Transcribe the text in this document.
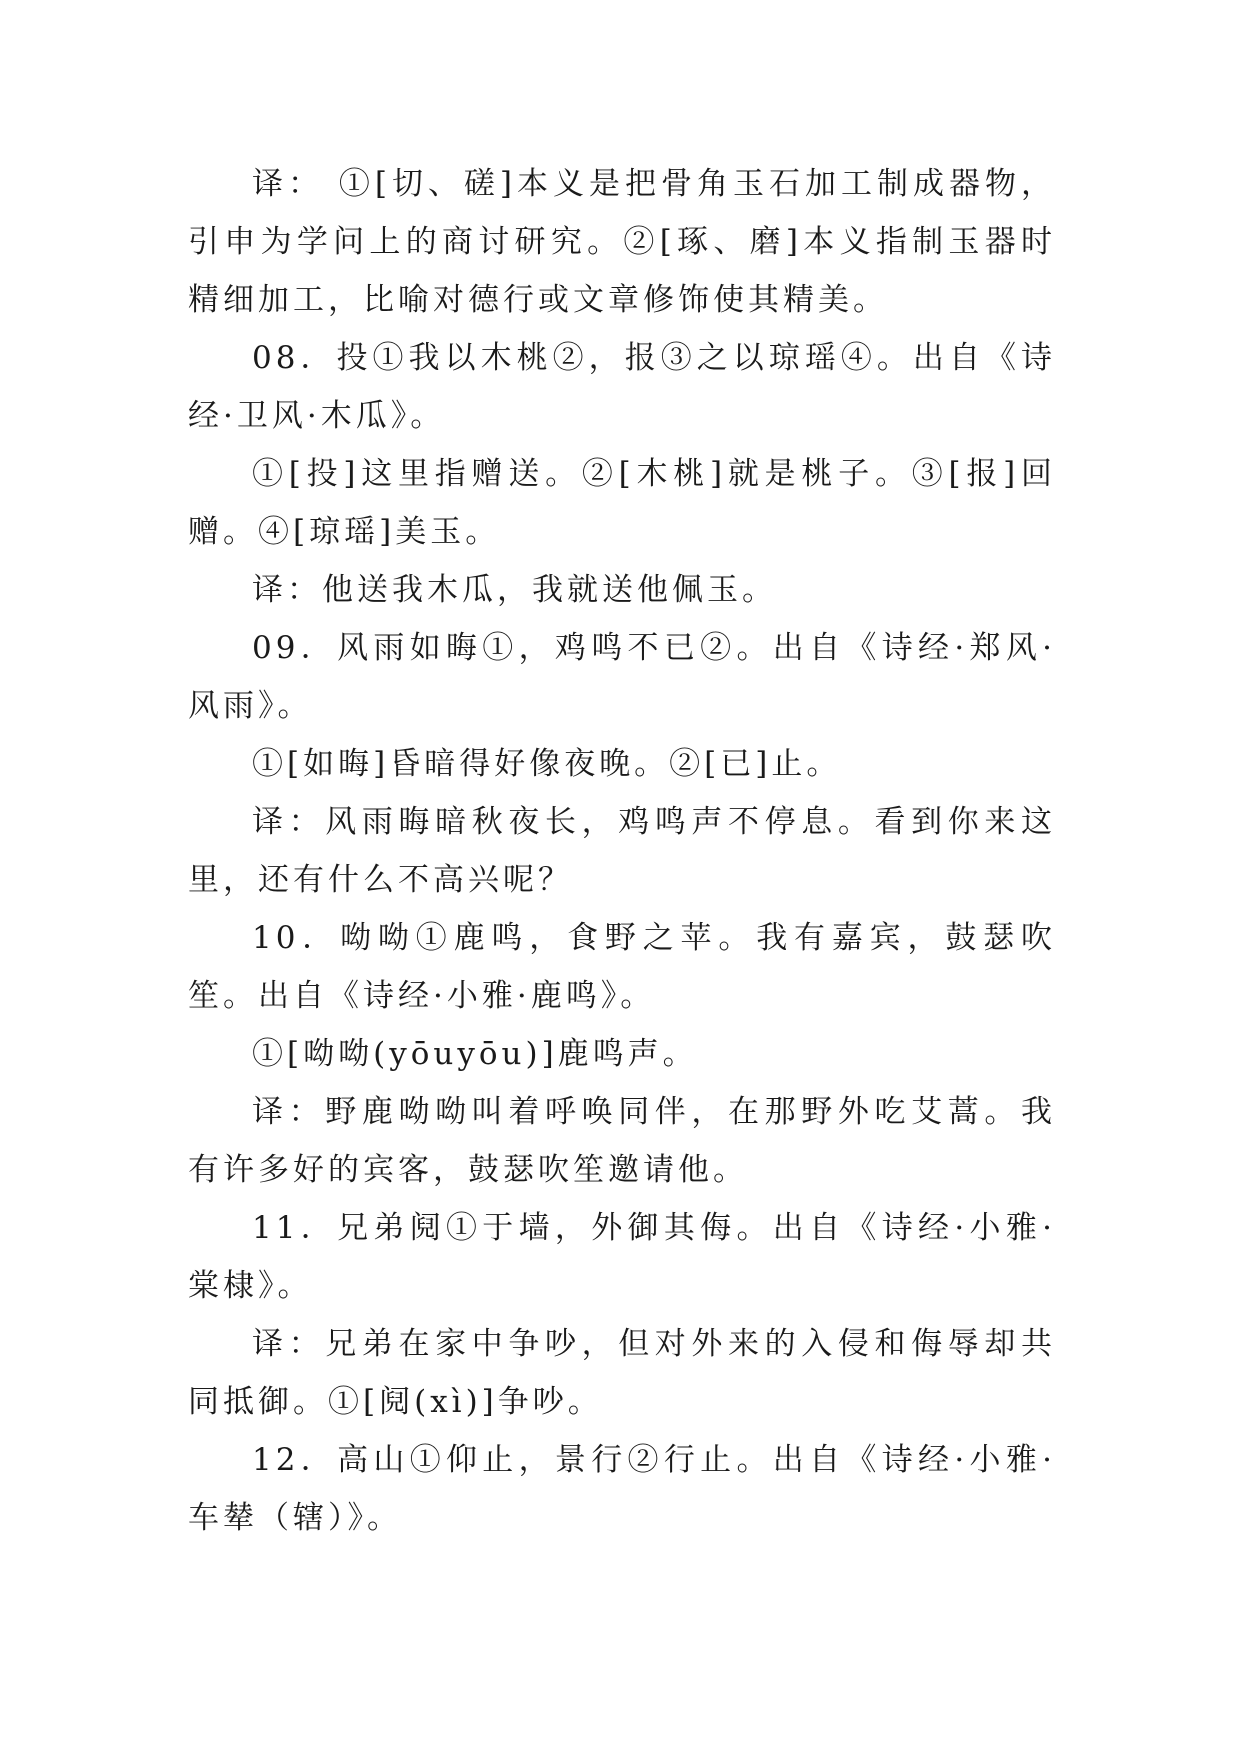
译： ①[切、磋]本义是把骨角玉石加工制成器物，引申为学问上的商讨研究。②[琢、磨]本义指制玉器时精细加工，比喻对德行或文章修饰使其精美。

08．投①我以木桃②，报③之以琼瑶④。出自《诗经·卫风·木瓜》。

①[投]这里指赠送。②[木桃]就是桃子。③[报]回赠。④[琼瑶]美玉。

译：他送我木瓜，我就送他佩玉。

09．风雨如晦①，鸡鸣不已②。出自《诗经·郑风·风雨》。

①[如晦]昏暗得好像夜晚。②[已]止。

译：风雨晦暗秋夜长，鸡鸣声不停息。看到你来这里，还有什么不高兴呢？

10．呦呦①鹿鸣，食野之苹。我有嘉宾，鼓瑟吹笙。出自《诗经·小雅·鹿鸣》。

①[呦呦(yōuyōu)]鹿鸣声。

译：野鹿呦呦叫着呼唤同伴，在那野外吃艾蒿。我有许多好的宾客，鼓瑟吹笙邀请他。

11．兄弟阋①于墙，外御其侮。出自《诗经·小雅·棠棣》。

译：兄弟在家中争吵，但对外来的入侵和侮辱却共同抵御。①[阋(xì)]争吵。

12．高山①仰止，景行②行止。出自《诗经·小雅·车辇（辖）》。
